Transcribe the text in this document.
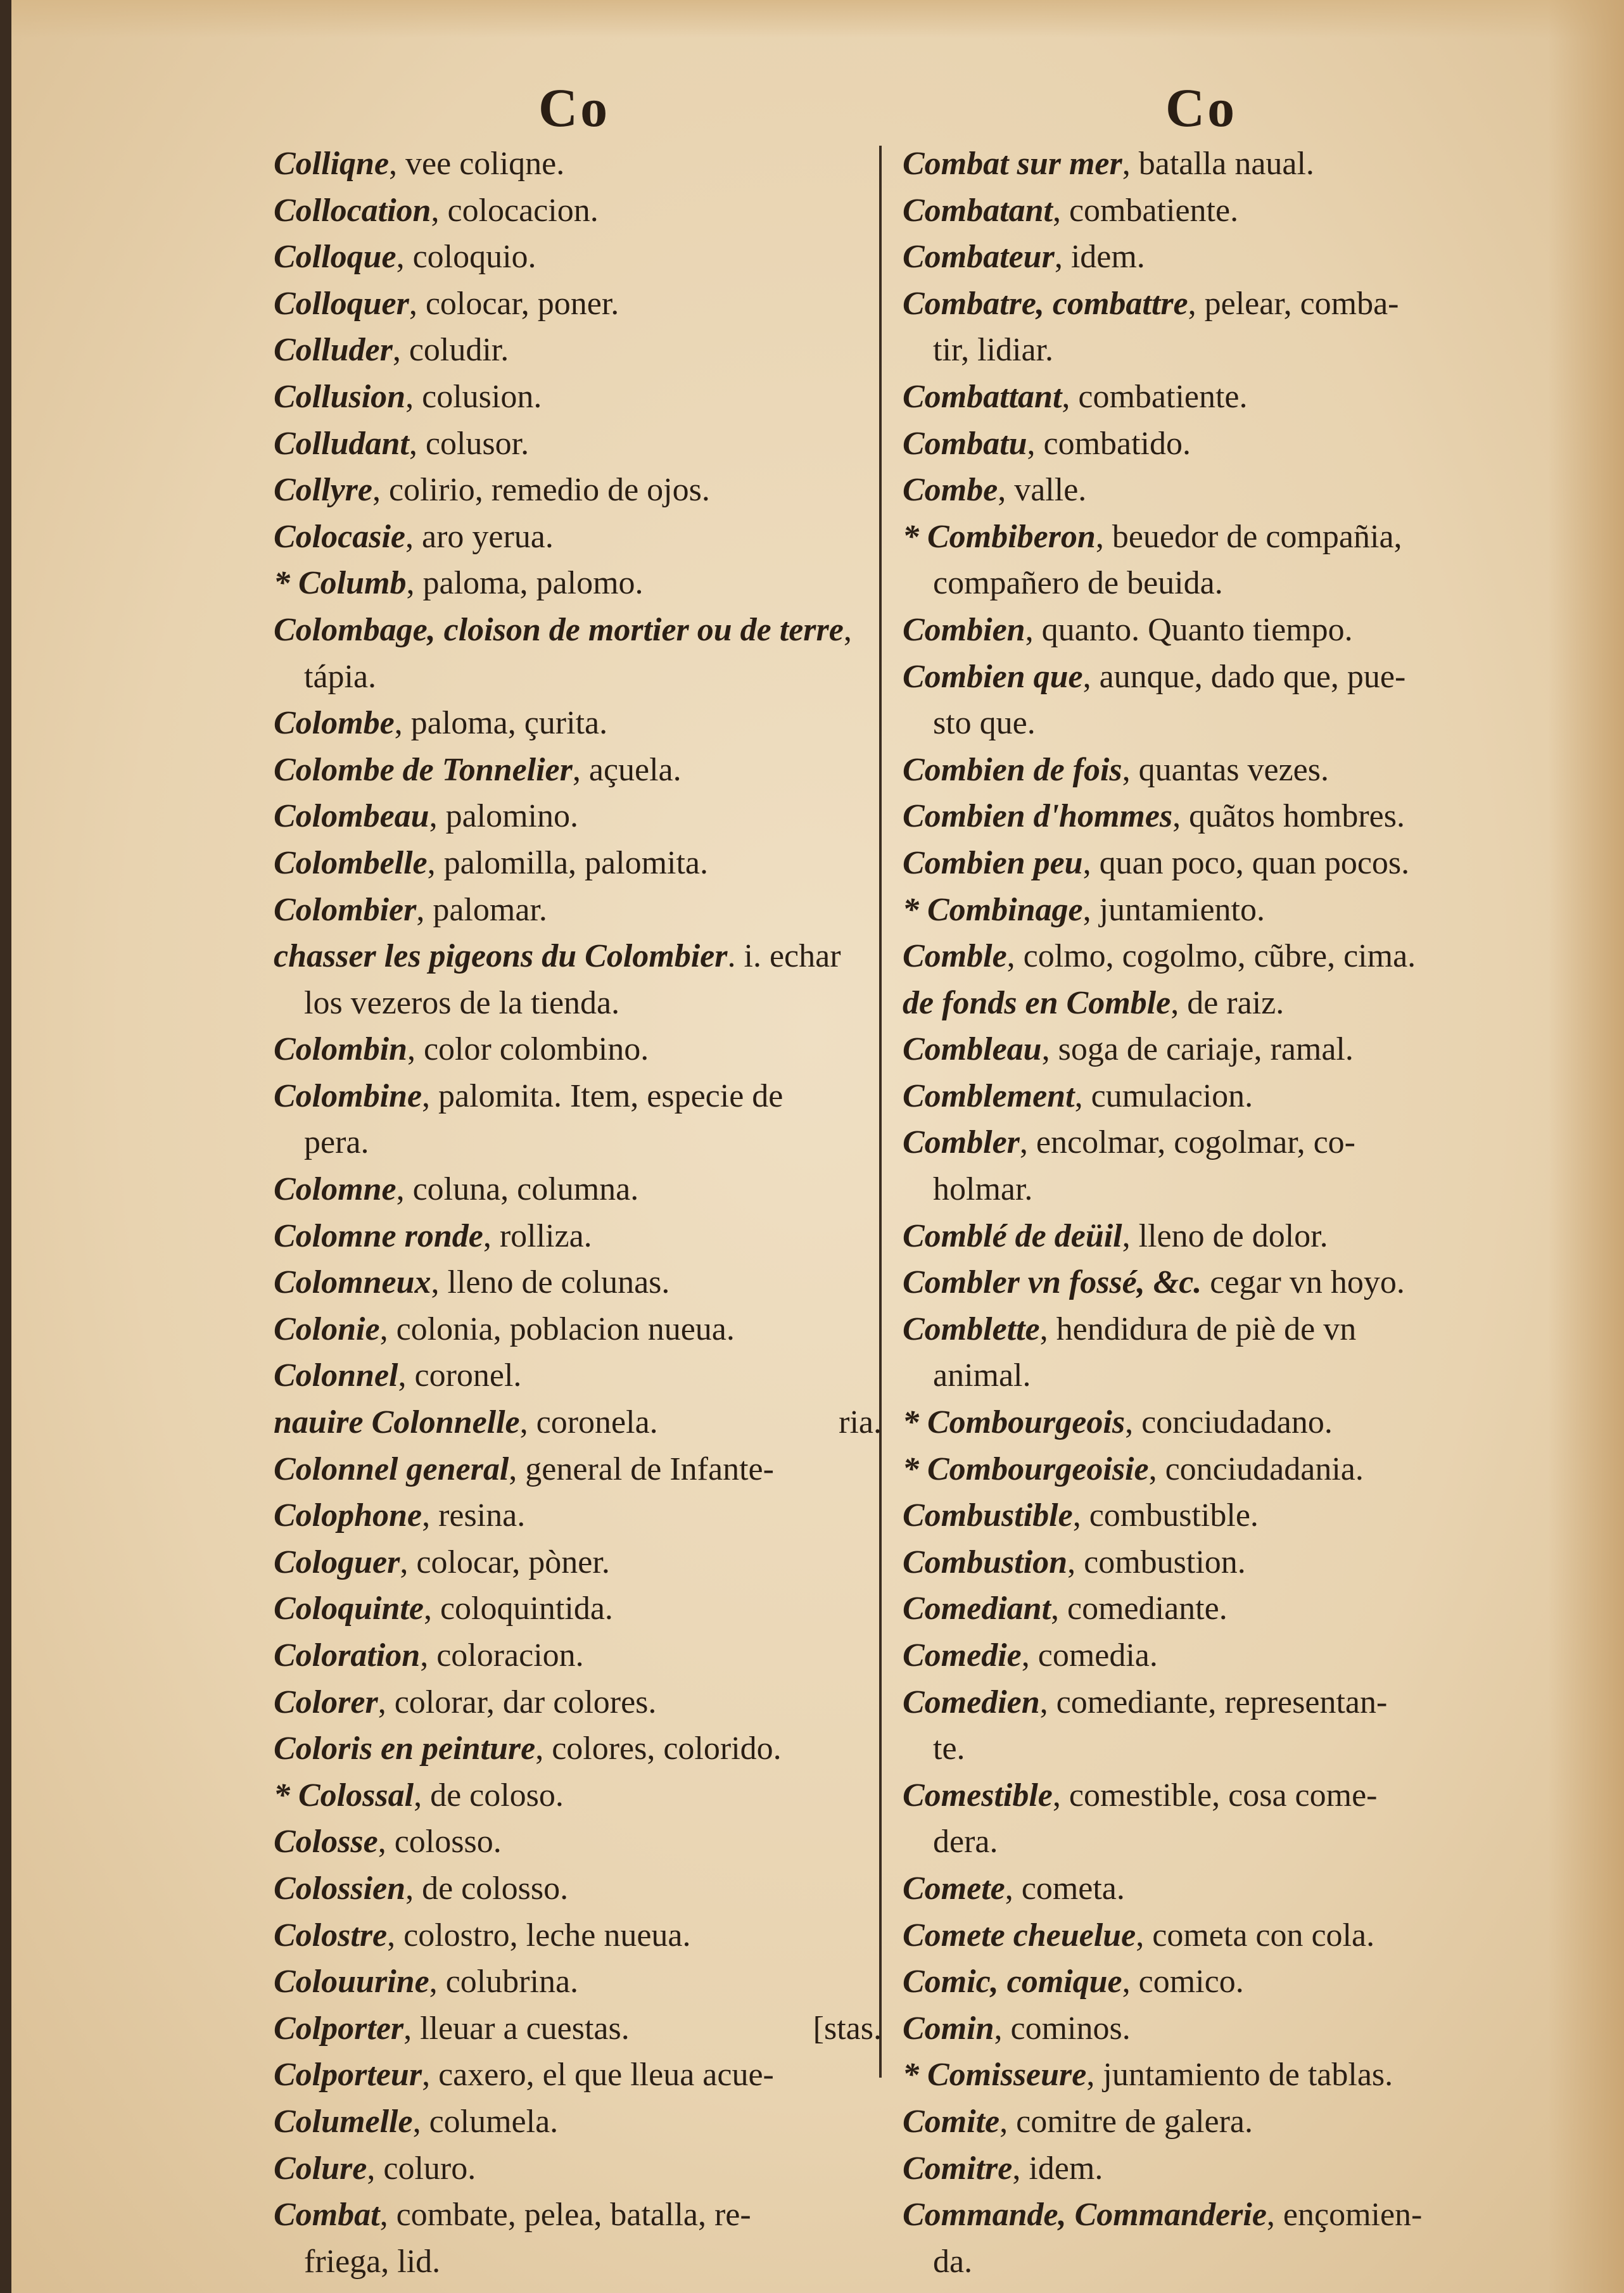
Co	Co
Colliqne, vee coliqne.
Collocation, colocacion.
Colloque, coloquio.
Colloquer, colocar, poner.
Colluder, coludir.
Collusion, colusion.
Colludant, colusor.
Collyre, colirio, remedio de ojos.
Colocasie, aro yerua.
* Columb, paloma, palomo.
Colombage, cloison de mortier ou de terre,
tápia.
Colombe, paloma, çurita.
Colombe de Tonnelier, açuela.
Colombeau, palomino.
Colombelle, palomilla, palomita.
Colombier, palomar.
chasser les pigeons du Colombier. i. echar
los vezeros de la tienda.
Colombin, color colombino.
Colombine, palomita. Item, especie de
pera.
Colomne, coluna, columna.
Colomne ronde, rolliza.
Colomneux, lleno de colunas.
Colonie, colonia, poblacion nueua.
Colonnel, coronel.
nauire Colonnelle, coronela.	ria.
Colonnel general, general de Infante-
Colophone, resina.
Cologuer, colocar, pòner.
Coloquinte, coloquintida.
Coloration, coloracion.
Colorer, colorar, dar colores.
Coloris en peinture, colores, colorido.
* Colossal, de coloso.
Colosse, colosso.
Colossien, de colosso.
Colostre, colostro, leche nueua.
Colouurine, colubrina.
Colporter, lleuar a cuestas.	[stas.
Colporteur, caxero, el que lleua acue-
Columelle, columela.
Colure, coluro.
Combat, combate, pelea, batalla, re-
friega, lid.
Combat sur mer, batalla naual.
Combatant, combatiente.
Combateur, idem.
Combatre, combattre, pelear, comba-
tir, lidiar.
Combattant, combatiente.
Combatu, combatido.
Combe, valle.
* Combiberon, beuedor de compañia,
compañero de beuida.
Combien, quanto. Quanto tiempo.
Combien que, aunque, dado que, pue-
sto que.
Combien de fois, quantas vezes.
Combien d'hommes, quãtos hombres.
Combien peu, quan poco, quan pocos.
* Combinage, juntamiento.
Comble, colmo, cogolmo, cũbre, cima.
de fonds en Comble, de raiz.
Combleau, soga de cariaje, ramal.
Comblement, cumulacion.
Combler, encolmar, cogolmar, co-
holmar.
Comblé de deüil, lleno de dolor.
Combler vn fossé, &c. cegar vn hoyo.
Comblette, hendidura de piè de vn
animal.
* Combourgeois, conciudadano.
* Combourgeoisie, conciudadania.
Combustible, combustible.
Combustion, combustion.
Comediant, comediante.
Comedie, comedia.
Comedien, comediante, representan-
te.
Comestible, comestible, cosa come-
dera.
Comete, cometa.
Comete cheuelue, cometa con cola.
Comic, comique, comico.
Comin, cominos.
* Comisseure, juntamiento de tablas.
Comite, comitre de galera.
Comitre, idem.
Commande, Commanderie, ençomien-
da.
